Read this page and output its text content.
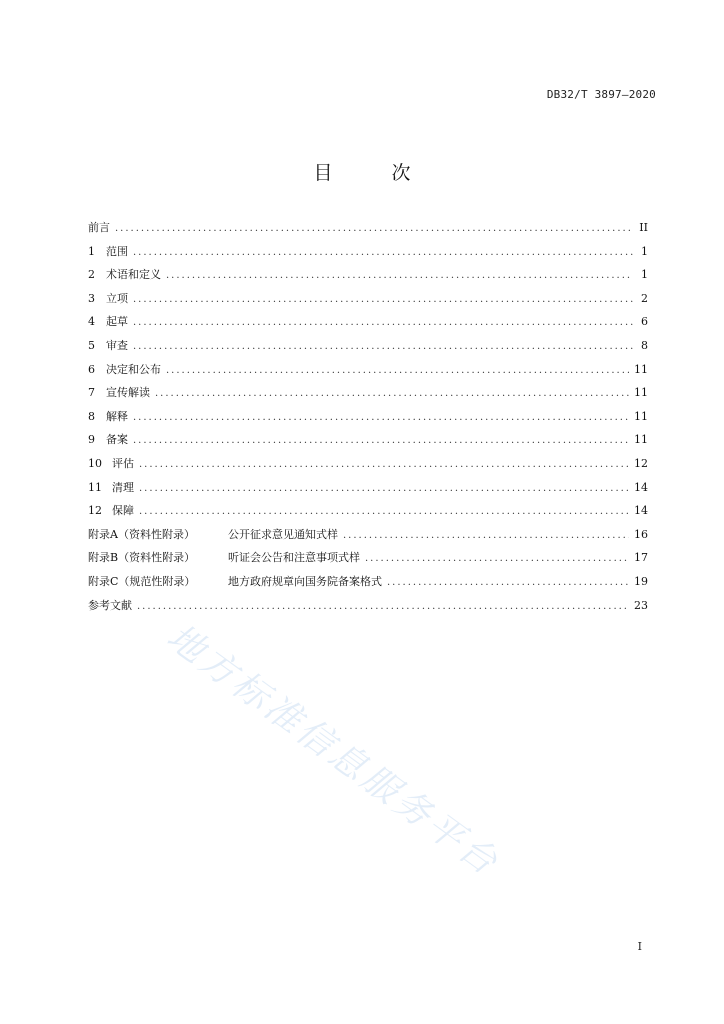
DB32/T 3897—2020
目　次
前言 .....	II
1 范围 .....	1
2 术语和定义 .....	1
3 立项 .....	2
4 起草 .....	6
5 审查 .....	8
6 决定和公布 .....	11
7 宣传解读 .....	11
8 解释 .....	11
9 备案 .....	11
10 评估 .....	12
11 清理 .....	14
12 保障 .....	14
附录A（资料性附录）	公开征求意见通知式样 .....	16
附录B（资料性附录）	听证会公告和注意事项式样 .....	17
附录C（规范性附录）	地方政府规章向国务院备案格式 .....	19
参考文献 .....	23
地方标准信息服务平台
I
